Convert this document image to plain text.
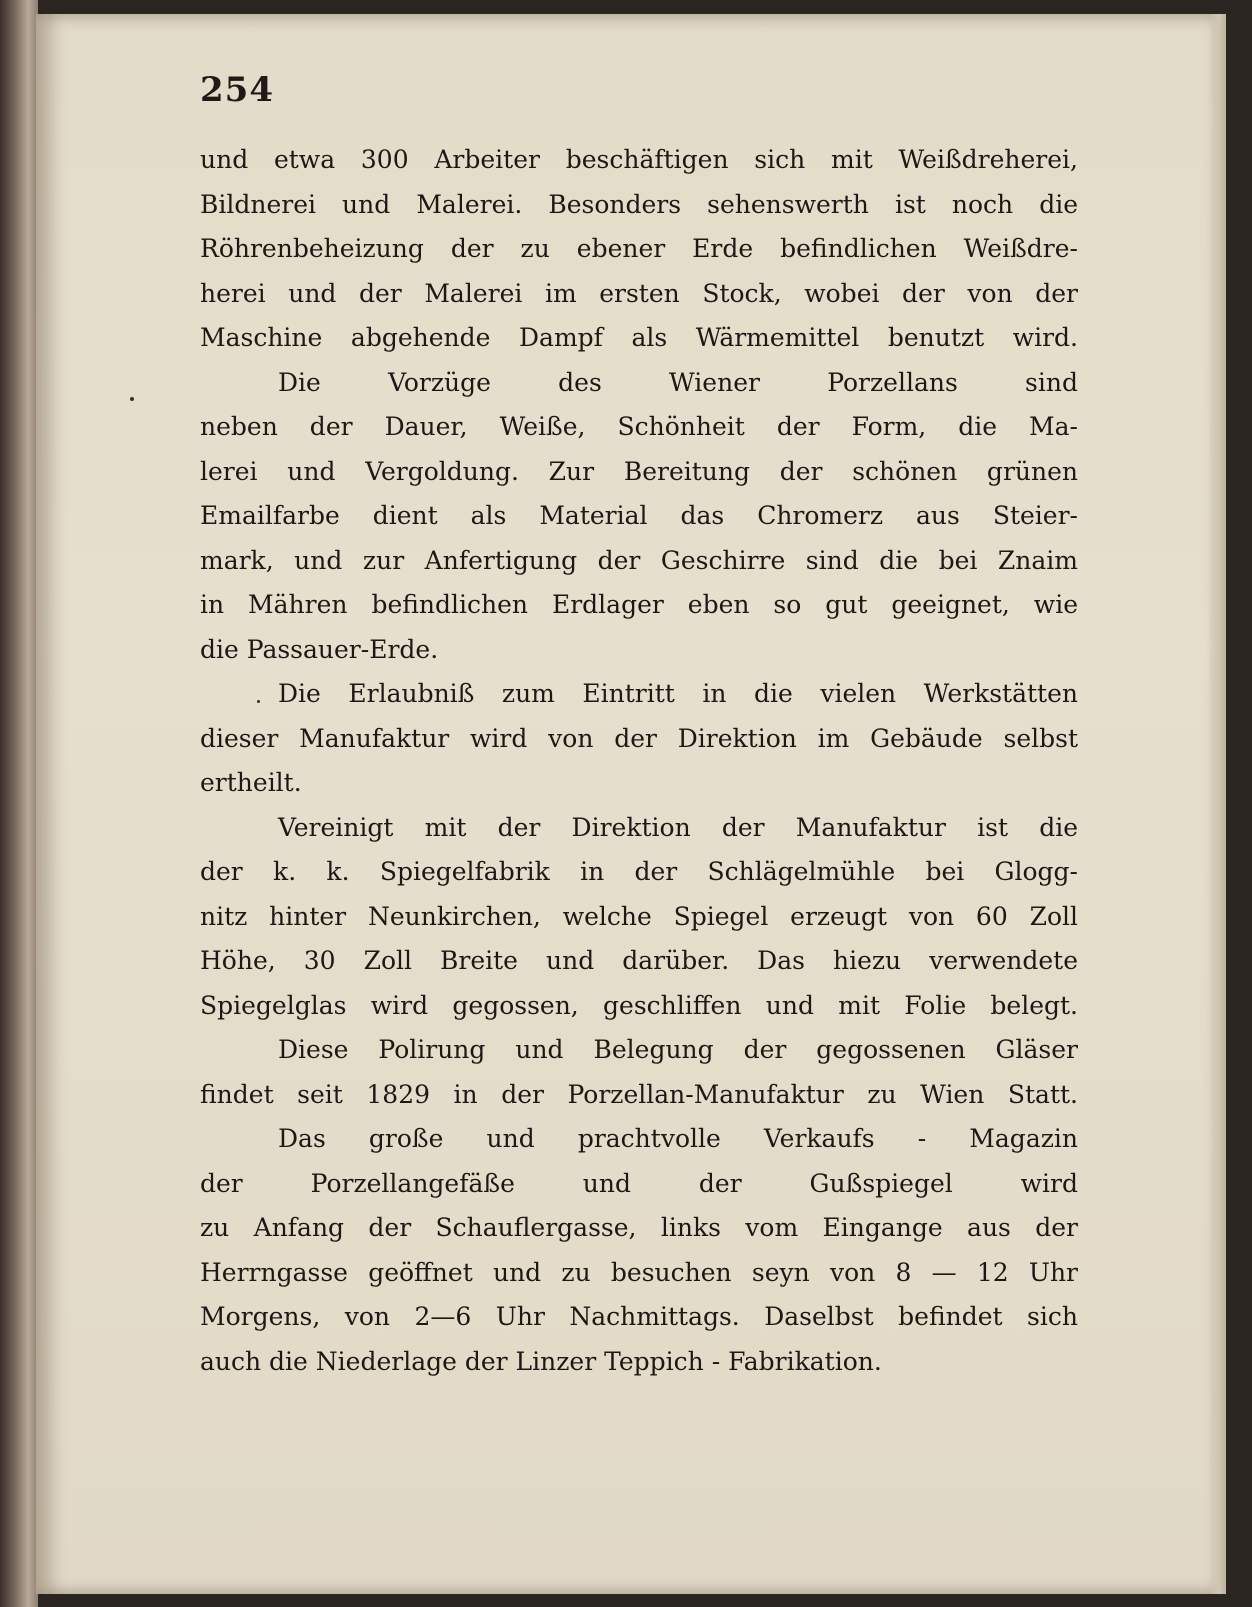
254
und etwa 300 Arbeiter beschäftigen sich mit Weißdreherei,
Bildnerei und Malerei. Besonders sehenswerth ist noch die
Röhrenbeheizung der zu ebener Erde befindlichen Weißdre-
herei und der Malerei im ersten Stock, wobei der von der
Maschine abgehende Dampf als Wärmemittel benutzt wird.
Die Vorzüge des Wiener Porzellans sind
neben der Dauer, Weiße, Schönheit der Form, die Ma-
lerei und Vergoldung. Zur Bereitung der schönen grünen
Emailfarbe dient als Material das Chromerz aus Steier-
mark, und zur Anfertigung der Geschirre sind die bei Znaim
in Mähren befindlichen Erdlager eben so gut geeignet, wie
die Passauer-Erde.
Die Erlaubniß zum Eintritt in die vielen Werkstätten
dieser Manufaktur wird von der Direktion im Gebäude selbst
ertheilt.
Vereinigt mit der Direktion der Manufaktur ist die
der k. k. Spiegelfabrik in der Schlägelmühle bei Glogg-
nitz hinter Neunkirchen, welche Spiegel erzeugt von 60 Zoll
Höhe, 30 Zoll Breite und darüber. Das hiezu verwendete
Spiegelglas wird gegossen, geschliffen und mit Folie belegt.
Diese Polirung und Belegung der gegossenen Gläser
findet seit 1829 in der Porzellan-Manufaktur zu Wien Statt.
Das große und prachtvolle Verkaufs - Magazin
der Porzellangefäße und der Gußspiegel wird
zu Anfang der Schauflergasse, links vom Eingange aus der
Herrngasse geöffnet und zu besuchen seyn von 8 — 12 Uhr
Morgens, von 2—6 Uhr Nachmittags. Daselbst befindet sich
auch die Niederlage der Linzer Teppich - Fabrikation.
